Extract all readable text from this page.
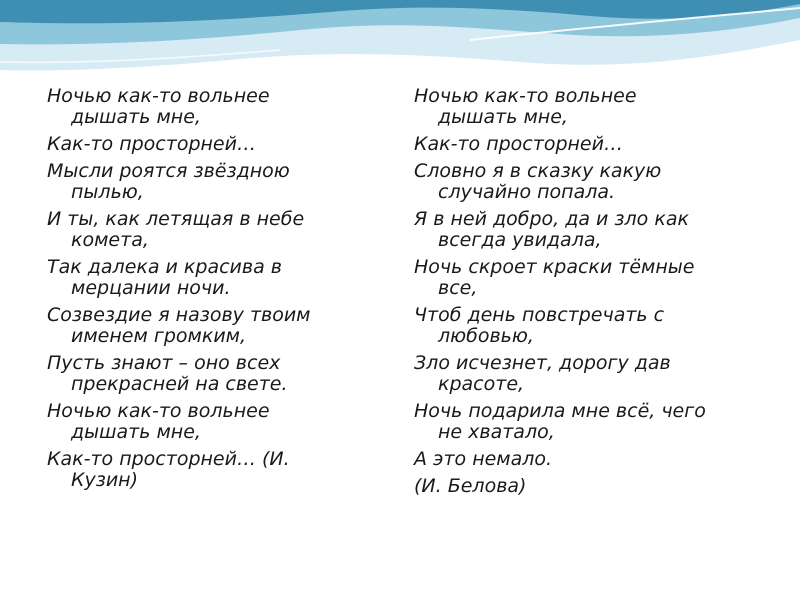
Ночью как-то вольнее
дышать мне,

Как-то просторней…

Мысли роятся звёздною
пылью,

И ты, как летящая в небе
комета,

Так далека и красива в
мерцании ночи.

Созвездие я назову твоим
именем громким,

Пусть знают – оно всех
прекрасней на свете.

Ночью как-то вольнее
дышать мне,

Как-то просторней… (И.
Кузин)

Ночью как-то вольнее
дышать мне,

Как-то просторней…

Словно я в сказку какую
случайно попала.

Я в ней добро, да и зло как
всегда увидала,

Ночь скроет краски тёмные
все,

Чтоб день повстречать с
любовью,

Зло исчезнет, дорогу дав
красоте,

Ночь подарила мне всё, чего
не хватало,

А это немало.

(И. Белова)
